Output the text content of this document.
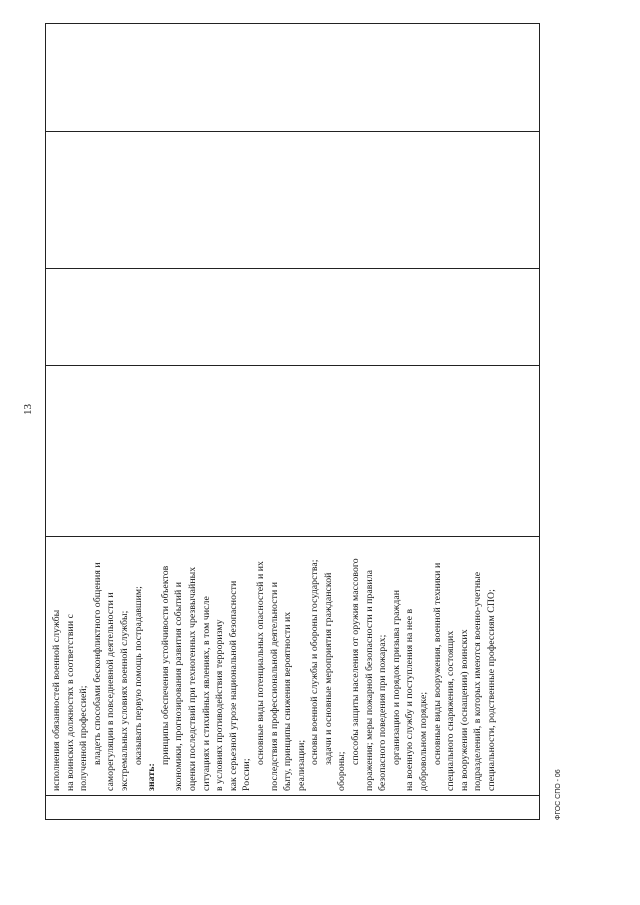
13
исполнения обязанностей военной службы на воинских должностях в соответствии с полученной профессией; владеть способами бесконфликтного общения и саморегуляции в повседневной деятельности и экстремальных условиях военной службы; оказывать первую помощь пострадавшим;
знать:
принципы обеспечения устойчивости объектов экономики, прогнозирования развития событий и оценки последствий при техногенных чрезвычайных ситуациях и стихийных явлениях, в том числе в условиях противодействия терроризму как серьезной угрозе национальной безопасности России;
основные виды потенциальных опасностей и их последствия в профессиональной деятельности и быту, принципы снижения вероятности их реализации;
основы военной службы и обороны государства; задачи и основные мероприятия гражданской
обороны;
способы защиты населения от оружия массового поражения; меры пожарной безопасности и правила безопасного поведения при пожарах; организацию и порядок призыва граждан на военную службу и поступления на нее в добровольном порядке; основные виды вооружения, военной техники и специального снаряжения, состоящих на вооружении (оснащении) воинских подразделений, в которых имеются военно-учетные специальности, родственные профессиям СПО;
ФГОС СПО - 06
